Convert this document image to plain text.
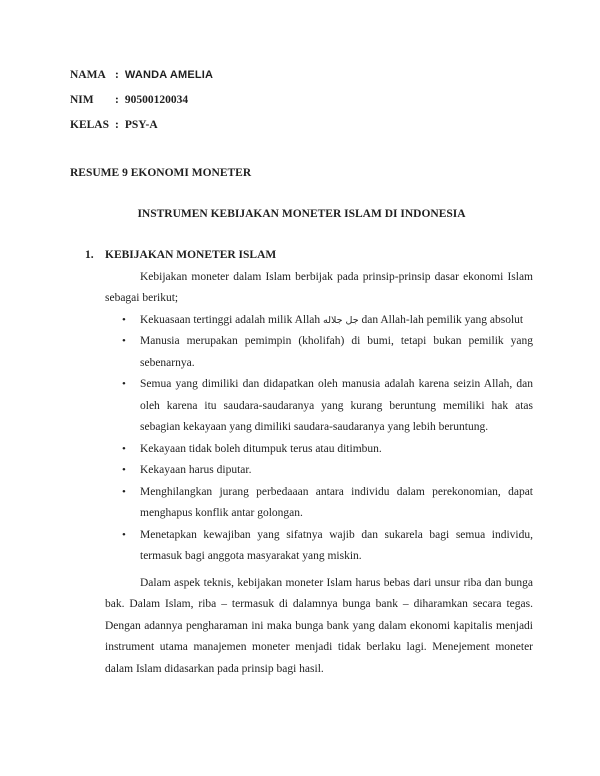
NAMA : WANDA AMELIA
NIM : 90500120034
KELAS : PSY-A
RESUME 9 EKONOMI MONETER
INSTRUMEN KEBIJAKAN MONETER ISLAM DI INDONESIA
1. KEBIJAKAN MONETER ISLAM

Kebijakan moneter dalam Islam berbijak pada prinsip-prinsip dasar ekonomi Islam sebagai berikut;

• Kekuasaan tertinggi adalah milik Allah جل جلاله dan Allah-lah pemilik yang absolut
• Manusia merupakan pemimpin (kholifah) di bumi, tetapi bukan pemilik yang sebenarnya.
• Semua yang dimiliki dan didapatkan oleh manusia adalah karena seizin Allah, dan oleh karena itu saudara-saudaranya yang kurang beruntung memiliki hak atas sebagian kekayaan yang dimiliki saudara-saudaranya yang lebih beruntung.
• Kekayaan tidak boleh ditumpuk terus atau ditimbun.
• Kekayaan harus diputar.
• Menghilangkan jurang perbedaaan antara individu dalam perekonomian, dapat menghapus konflik antar golongan.
• Menetapkan kewajiban yang sifatnya wajib dan sukarela bagi semua individu, termasuk bagi anggota masyarakat yang miskin.

Dalam aspek teknis, kebijakan moneter Islam harus bebas dari unsur riba dan bunga bak. Dalam Islam, riba – termasuk di dalamnya bunga bank – diharamkan secara tegas. Dengan adannya pengharaman ini maka bunga bank yang dalam ekonomi kapitalis menjadi instrument utama manajemen moneter menjadi tidak berlaku lagi. Menejement moneter dalam Islam didasarkan pada prinsip bagi hasil.
